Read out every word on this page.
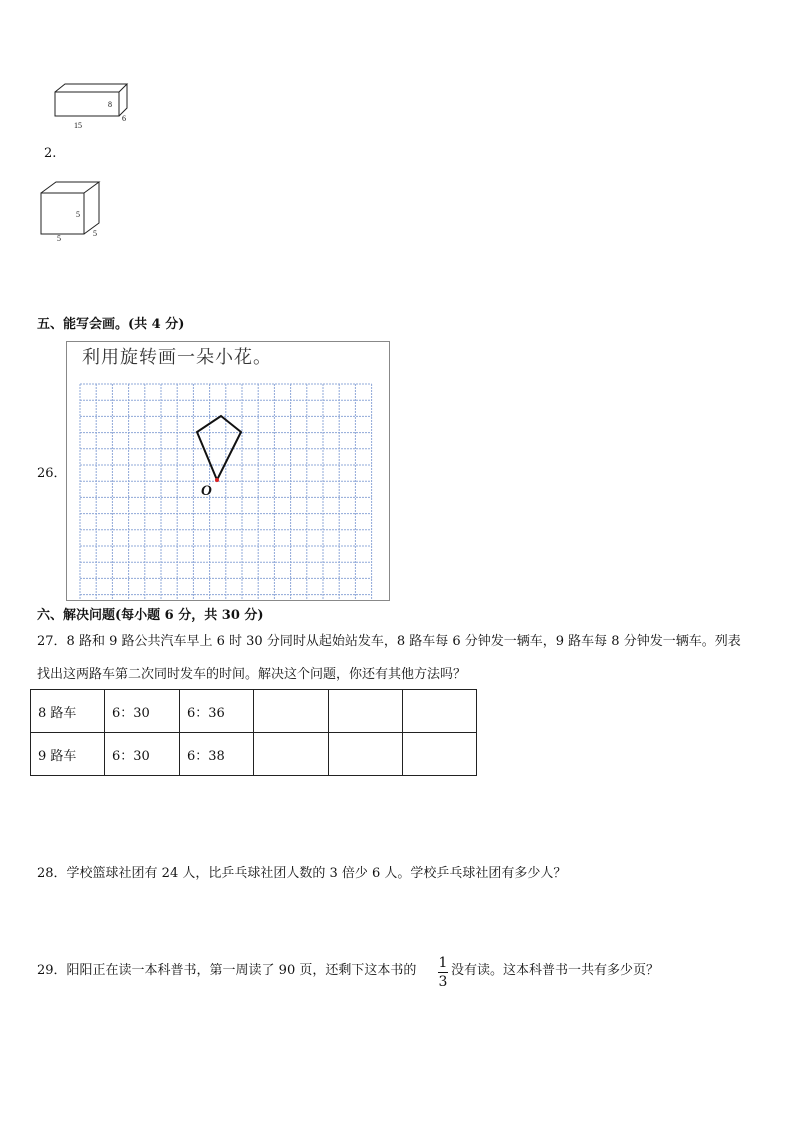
8
15
6
2.
5
5
5
五、能写会画。(共 4 分)
26．
利用旋转画一朵小花。
O
六、解决问题(每小题 6 分，共 30 分)
27．8 路和 9 路公共汽车早上 6 时 30 分同时从起始站发车，8 路车每 6 分钟发一辆车，9 路车每 8 分钟发一辆车。列表
找出这两路车第二次同时发车的时间。解决这个问题，你还有其他方法吗？
8 路车	6：30	6：36			
9 路车	6：30	6：38			
28．学校篮球社团有 24 人，比乒乓球社团人数的 3 倍少 6 人。学校乒乓球社团有多少人？
29．阳阳正在读一本科普书，第一周读了 90 页，还剩下这本书的 1
3
没有读。这本科普书一共有多少页？
